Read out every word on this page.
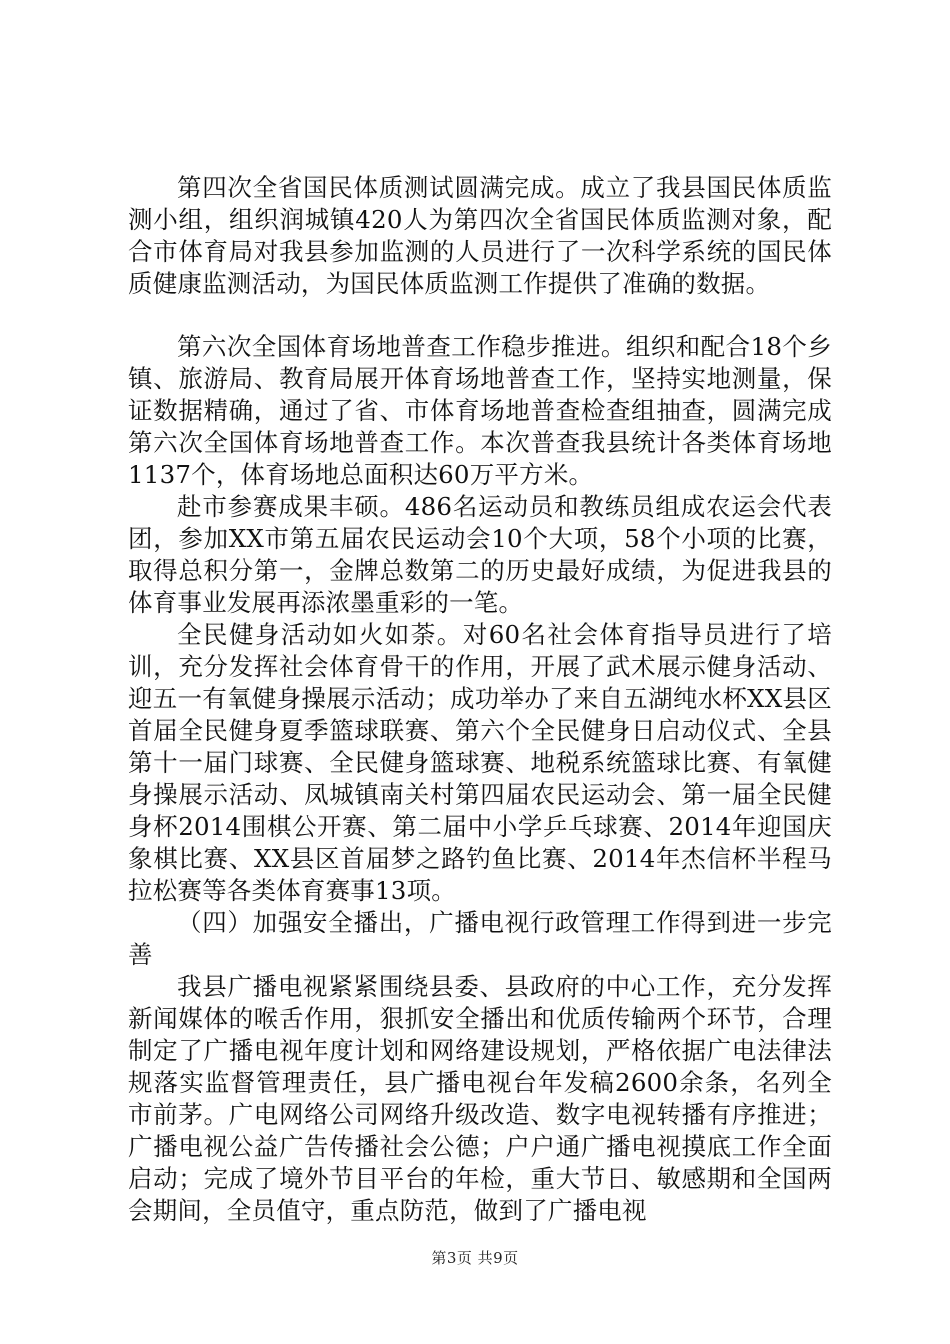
第四次全省国民体质测试圆满完成。成立了我县国民体质监测小组，组织润城镇420人为第四次全省国民体质监测对象，配合市体育局对我县参加监测的人员进行了一次科学系统的国民体质健康监测活动，为国民体质监测工作提供了准确的数据。

第六次全国体育场地普查工作稳步推进。组织和配合18个乡镇、旅游局、教育局展开体育场地普查工作，坚持实地测量，保证数据精确，通过了省、市体育场地普查检查组抽查，圆满完成第六次全国体育场地普查工作。本次普查我县统计各类体育场地1137个，体育场地总面积达60万平方米。

赴市参赛成果丰硕。486名运动员和教练员组成农运会代表团，参加XX市第五届农民运动会10个大项，58个小项的比赛，取得总积分第一，金牌总数第二的历史最好成绩，为促进我县的体育事业发展再添浓墨重彩的一笔。

全民健身活动如火如荼。对60名社会体育指导员进行了培训，充分发挥社会体育骨干的作用，开展了武术展示健身活动、迎五一有氧健身操展示活动；成功举办了来自五湖纯水杯XX县区首届全民健身夏季篮球联赛、第六个全民健身日启动仪式、全县第十一届门球赛、全民健身篮球赛、地税系统篮球比赛、有氧健身操展示活动、凤城镇南关村第四届农民运动会、第一届全民健身杯2014围棋公开赛、第二届中小学乒乓球赛、2014年迎国庆象棋比赛、XX县区首届梦之路钓鱼比赛、2014年杰信杯半程马拉松赛等各类体育赛事13项。

（四）加强安全播出，广播电视行政管理工作得到进一步完善

我县广播电视紧紧围绕县委、县政府的中心工作，充分发挥新闻媒体的喉舌作用，狠抓安全播出和优质传输两个环节，合理制定了广播电视年度计划和网络建设规划，严格依据广电法律法规落实监督管理责任，县广播电视台年发稿2600余条，名列全市前茅。广电网络公司网络升级改造、数字电视转播有序推进；广播电视公益广告传播社会公德；户户通广播电视摸底工作全面启动；完成了境外节目平台的年检，重大节日、敏感期和全国两会期间，全员值守，重点防范，做到了广播电视

第3页 共9页
